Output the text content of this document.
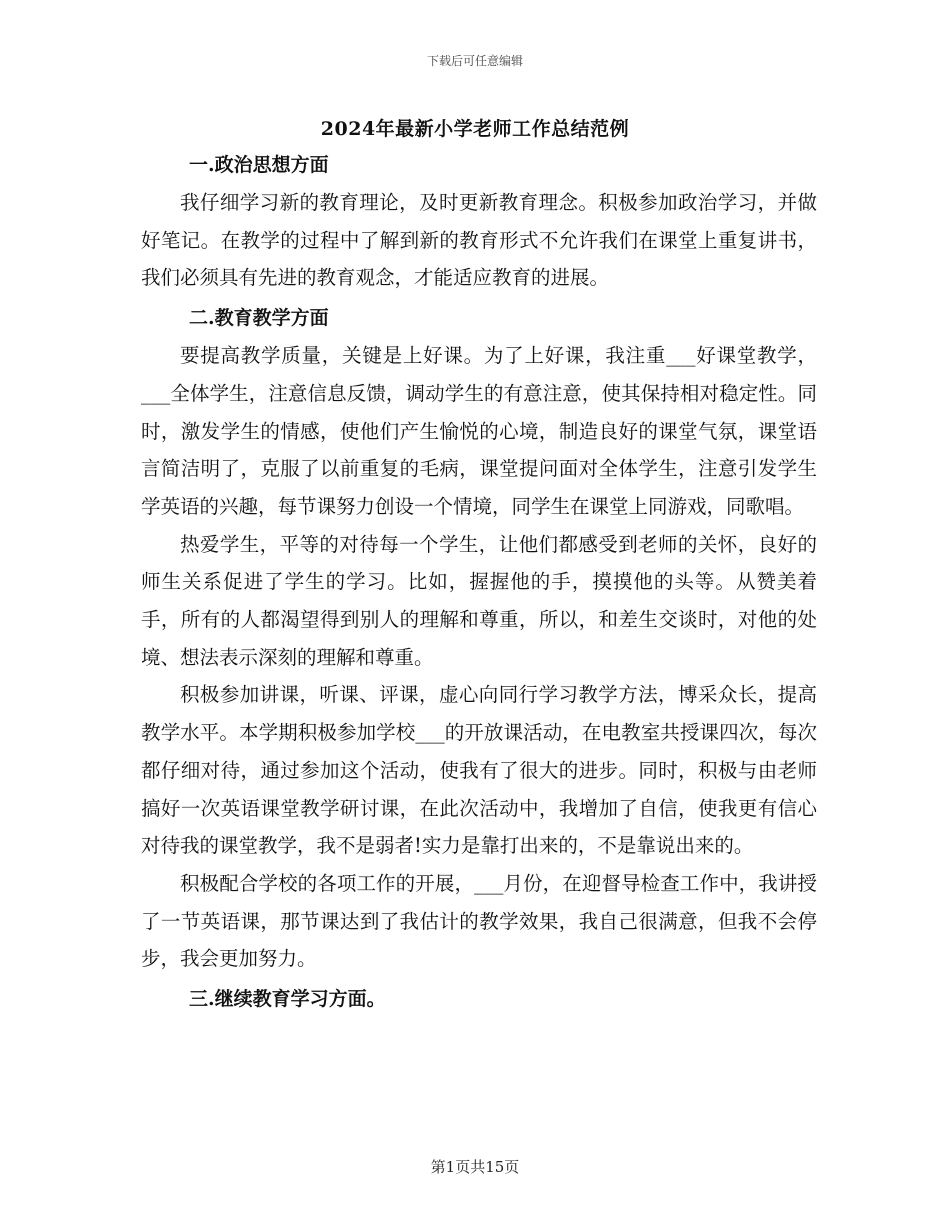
下载后可任意编辑
2024年最新小学老师工作总结范例
一.政治思想方面

我仔细学习新的教育理论，及时更新教育理念。积极参加政治学习，并做好笔记。在教学的过程中了解到新的教育形式不允许我们在课堂上重复讲书，我们必须具有先进的教育观念，才能适应教育的进展。

二.教育教学方面

要提高教学质量，关键是上好课。为了上好课，我注重___好课堂教学，___全体学生，注意信息反馈，调动学生的有意注意，使其保持相对稳定性。同时，激发学生的情感，使他们产生愉悦的心境，制造良好的课堂气氛，课堂语言简洁明了，克服了以前重复的毛病，课堂提问面对全体学生，注意引发学生学英语的兴趣，每节课努力创设一个情境，同学生在课堂上同游戏，同歌唱。

热爱学生，平等的对待每一个学生，让他们都感受到老师的关怀，良好的师生关系促进了学生的学习。比如，握握他的手，摸摸他的头等。从赞美着手，所有的人都渴望得到别人的理解和尊重，所以，和差生交谈时，对他的处境、想法表示深刻的理解和尊重。

积极参加讲课，听课、评课，虚心向同行学习教学方法，博采众长，提高教学水平。本学期积极参加学校___的开放课活动，在电教室共授课四次，每次都仔细对待，通过参加这个活动，使我有了很大的进步。同时，积极与由老师搞好一次英语课堂教学研讨课，在此次活动中，我增加了自信，使我更有信心对待我的课堂教学，我不是弱者!实力是靠打出来的，不是靠说出来的。

积极配合学校的各项工作的开展，___月份，在迎督导检查工作中，我讲授了一节英语课，那节课达到了我估计的教学效果，我自己很满意，但我不会停步，我会更加努力。

三.继续教育学习方面。
第1页共15页
